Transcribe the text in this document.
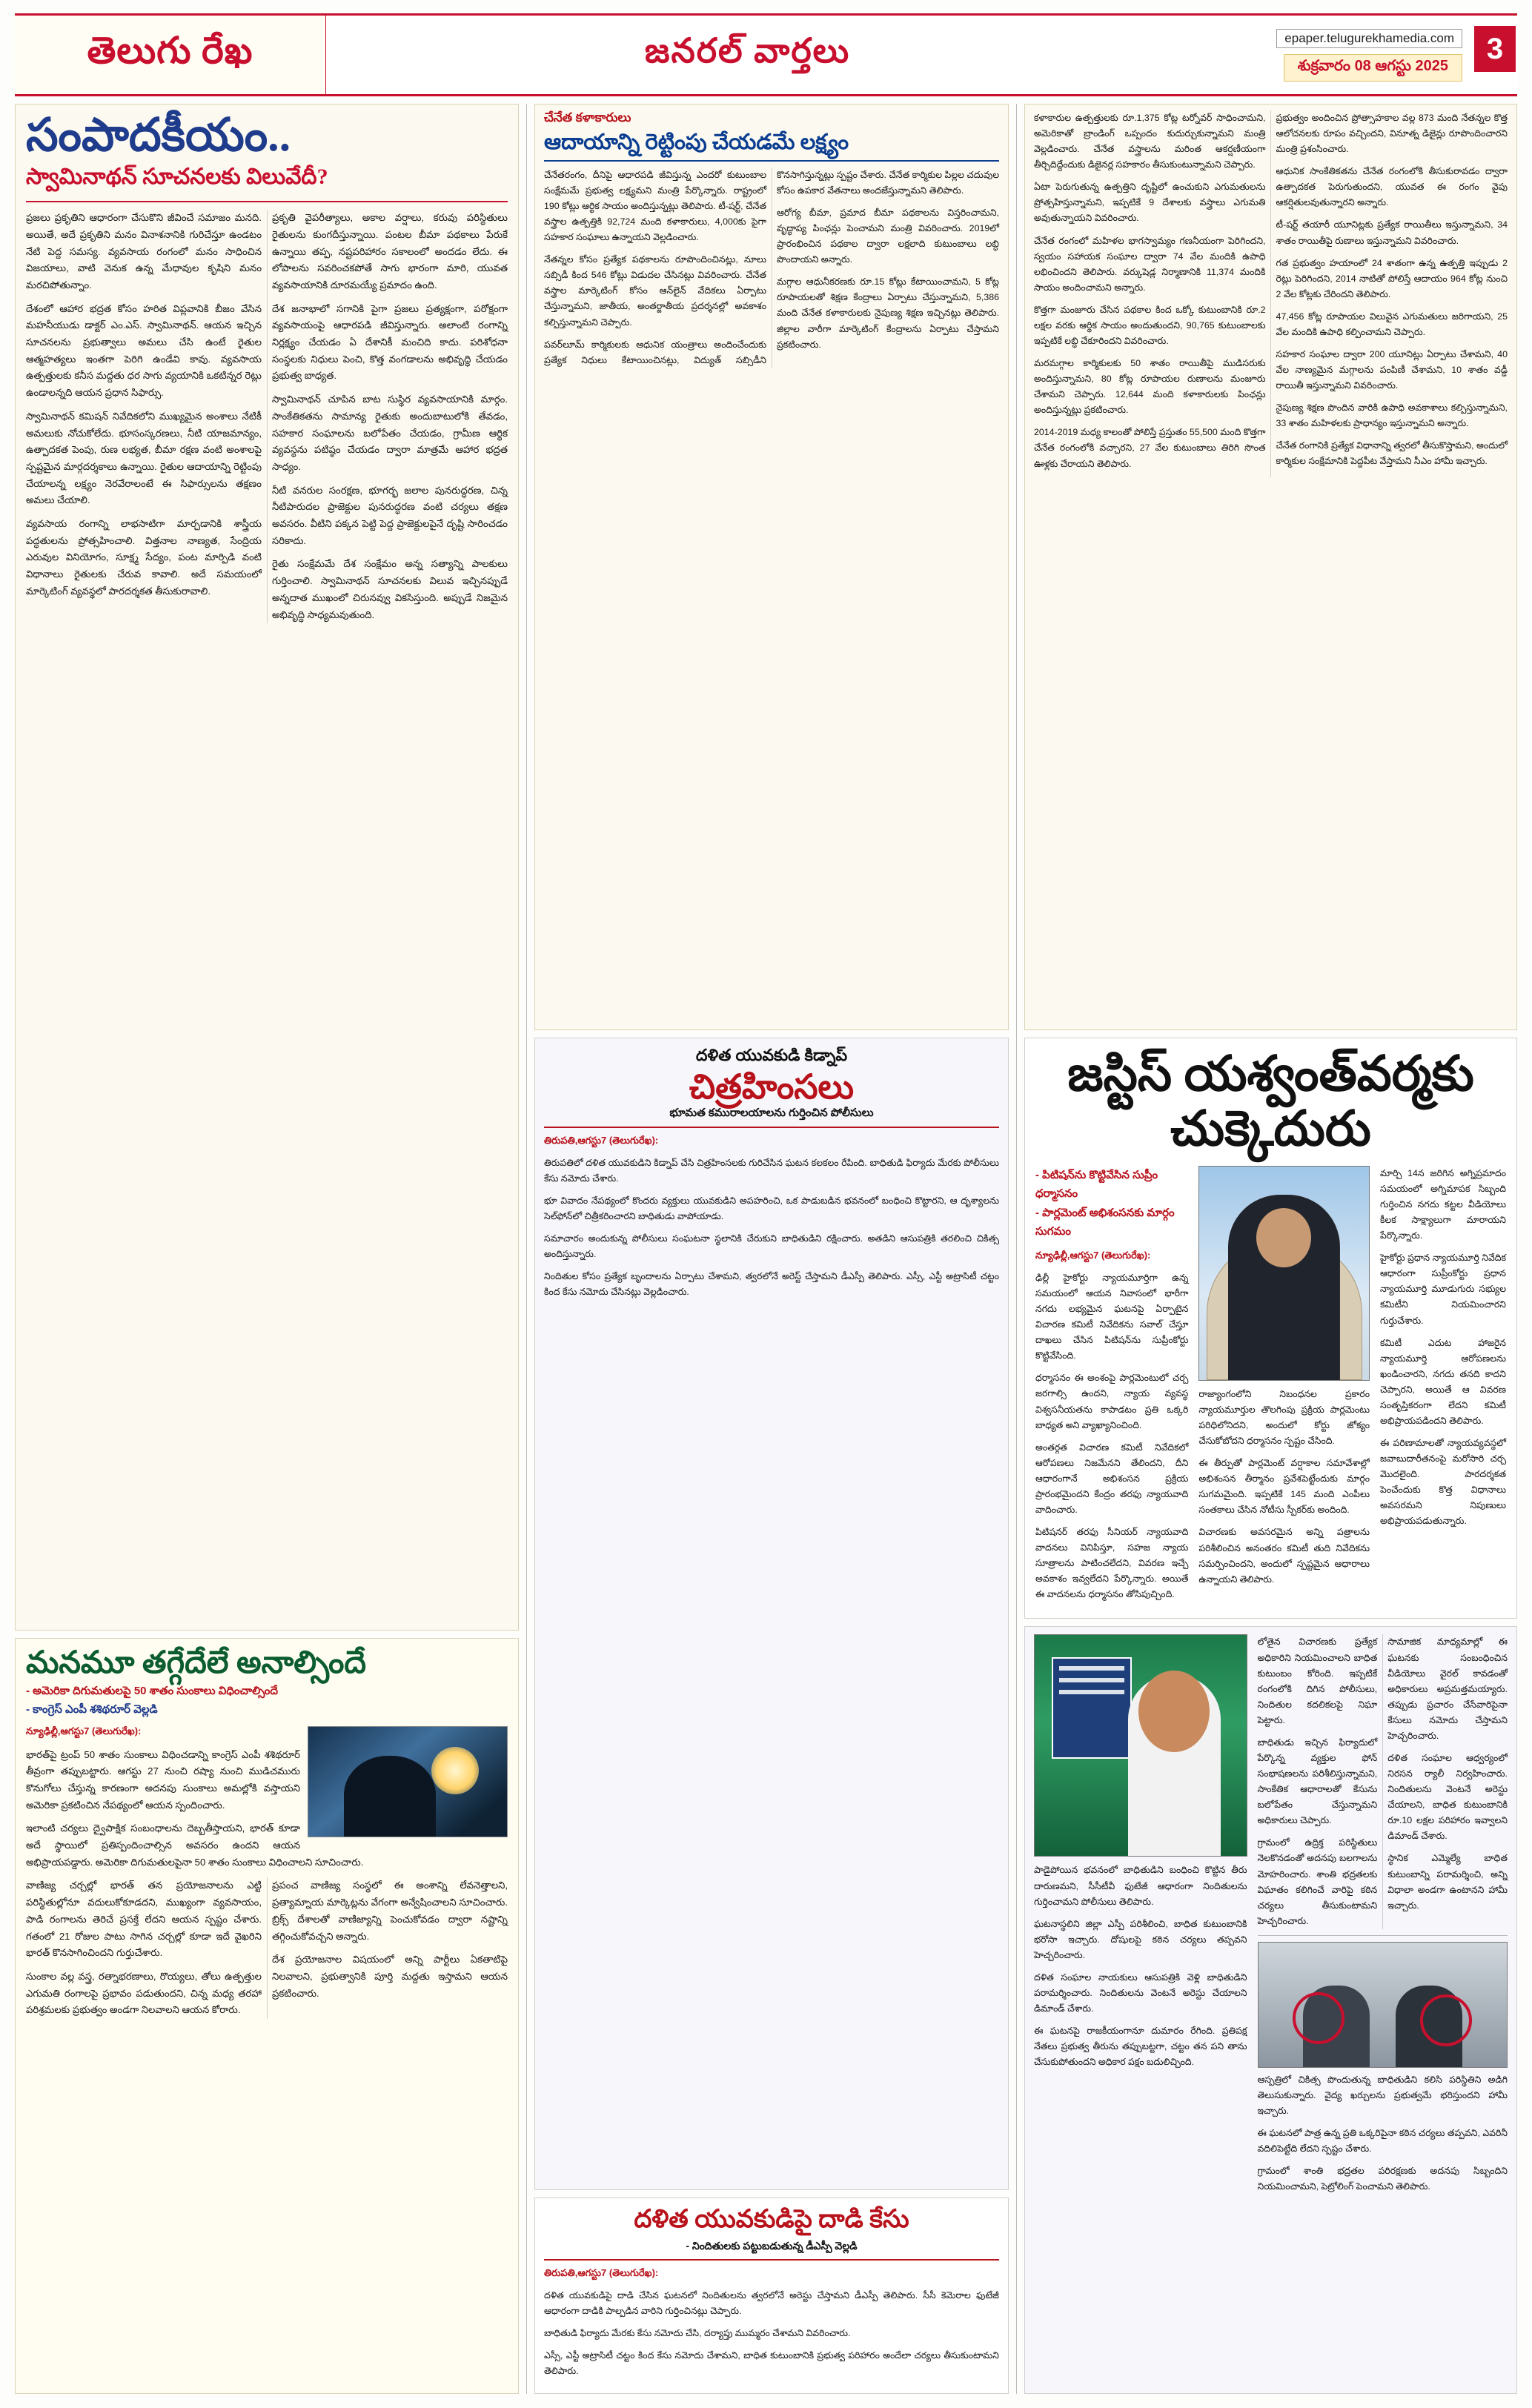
తెలుగు రేఖ	జనరల్ వార్తలు	epaper.telugurekhamedia.com
శుక్రవారం 08 ఆగస్టు 2025
3
సంపాదకీయం..
స్వామినాథన్ సూచనలకు విలువేదీ?

ప్రజలు ప్రకృతిని ఆధారంగా చేసుకొని జీవించే సమాజం మనది. అయితే, అదే ప్రకృతిని మనం వినాశనానికి గురిచేస్తూ ఉండటం నేటి పెద్ద సమస్య. వ్యవసాయ రంగంలో మనం సాధించిన విజయాలు, వాటి వెనుక ఉన్న మేధావుల కృషిని మనం మరచిపోతున్నాం.

దేశంలో ఆహార భద్రత కోసం హరిత విప్లవానికి బీజం వేసిన మహనీయుడు డాక్టర్ ఎం.ఎస్. స్వామినాథన్. ఆయన ఇచ్చిన సూచనలను ప్రభుత్వాలు అమలు చేసి ఉంటే రైతుల ఆత్మహత్యలు ఇంతగా పెరిగి ఉండేవి కావు. వ్యవసాయ ఉత్పత్తులకు కనీస మద్దతు ధర సాగు వ్యయానికి ఒకటిన్నర రెట్లు ఉండాలన్నది ఆయన ప్రధాన సిఫార్సు.

స్వామినాథన్ కమిషన్ నివేదికలోని ముఖ్యమైన అంశాలు నేటికీ అమలుకు నోచుకోలేదు. భూసంస్కరణలు, నీటి యాజమాన్యం, ఉత్పాదకత పెంపు, రుణ లభ్యత, బీమా రక్షణ వంటి అంశాలపై స్పష్టమైన మార్గదర్శకాలు ఉన్నాయి. రైతుల ఆదాయాన్ని రెట్టింపు చేయాలన్న లక్ష్యం నెరవేరాలంటే ఈ సిఫార్సులను తక్షణం అమలు చేయాలి.

వ్యవసాయ రంగాన్ని లాభసాటిగా మార్చడానికి శాస్త్రీయ పద్ధతులను ప్రోత్సహించాలి. విత్తనాల నాణ్యత, సేంద్రియ ఎరువుల వినియోగం, సూక్ష్మ సేద్యం, పంట మార్పిడి వంటి విధానాలు రైతులకు చేరువ కావాలి. అదే సమయంలో మార్కెటింగ్ వ్యవస్థలో పారదర్శకత తీసుకురావాలి.

ప్రకృతి వైపరీత్యాలు, అకాల వర్షాలు, కరువు పరిస్థితులు రైతులను కుంగదీస్తున్నాయి. పంటల బీమా పథకాలు పేరుకే ఉన్నాయి తప్ప, నష్టపరిహారం సకాలంలో అందడం లేదు. ఈ లోపాలను సవరించకపోతే సాగు భారంగా మారి, యువత వ్యవసాయానికి దూరమయ్యే ప్రమాదం ఉంది.

దేశ జనాభాలో సగానికి పైగా ప్రజలు ప్రత్యక్షంగా, పరోక్షంగా వ్యవసాయంపై ఆధారపడి జీవిస్తున్నారు. అలాంటి రంగాన్ని నిర్లక్ష్యం చేయడం ఏ దేశానికీ మంచిది కాదు. పరిశోధనా సంస్థలకు నిధులు పెంచి, కొత్త వంగడాలను అభివృద్ధి చేయడం ప్రభుత్వ బాధ్యత.

స్వామినాథన్ చూపిన బాట సుస్థిర వ్యవసాయానికి మార్గం. సాంకేతికతను సామాన్య రైతుకు అందుబాటులోకి తేవడం, సహకార సంఘాలను బలోపేతం చేయడం, గ్రామీణ ఆర్థిక వ్యవస్థను పటిష్ఠం చేయడం ద్వారా మాత్రమే ఆహార భద్రత సాధ్యం.

నీటి వనరుల సంరక్షణ, భూగర్భ జలాల పునరుద్ధరణ, చిన్న నీటిపారుదల ప్రాజెక్టుల పునరుద్ధరణ వంటి చర్యలు తక్షణ అవసరం. వీటిని పక్కన పెట్టి పెద్ద ప్రాజెక్టులపైనే దృష్టి సారించడం సరికాదు.

రైతు సంక్షేమమే దేశ సంక్షేమం అన్న సత్యాన్ని పాలకులు గుర్తించాలి. స్వామినాథన్ సూచనలకు విలువ ఇచ్చినప్పుడే అన్నదాత ముఖంలో చిరునవ్వు వికసిస్తుంది. అప్పుడే నిజమైన అభివృద్ధి సాధ్యమవుతుంది.

మనమూ తగ్గేదేలే అనాల్సిందే
- అమెరికా దిగుమతులపై 50 శాతం సుంకాలు విధించాల్సిందే
- కాంగ్రెస్ ఎంపీ శశిథరూర్ వెల్లడి

న్యూఢిల్లీ,ఆగస్టు7 (తెలుగురేఖ):

భారత్‌పై ట్రంప్ 50 శాతం సుంకాలు విధించడాన్ని కాంగ్రెస్ ఎంపీ శశిథరూర్ తీవ్రంగా తప్పుబట్టారు. ఆగస్టు 27 నుంచి రష్యా నుంచి ముడిచమురు కొనుగోలు చేస్తున్న కారణంగా అదనపు సుంకాలు అమల్లోకి వస్తాయని అమెరికా ప్రకటించిన నేపథ్యంలో ఆయన స్పందించారు.

ఇలాంటి చర్యలు ద్వైపాక్షిక సంబంధాలను దెబ్బతీస్తాయని, భారత్ కూడా అదే స్థాయిలో ప్రతిస్పందించాల్సిన అవసరం ఉందని ఆయన అభిప్రాయపడ్డారు. అమెరికా దిగుమతులపైనా 50 శాతం సుంకాలు విధించాలని సూచించారు.

వాణిజ్య చర్చల్లో భారత్ తన ప్రయోజనాలను ఎట్టి పరిస్థితుల్లోనూ వదులుకోకూడదని, ముఖ్యంగా వ్యవసాయం, పాడి రంగాలను తెరిచే ప్రసక్తే లేదని ఆయన స్పష్టం చేశారు. గతంలో 21 రోజుల పాటు సాగిన చర్చల్లో కూడా ఇదే వైఖరిని భారత్ కొనసాగించిందని గుర్తుచేశారు.

సుంకాల వల్ల వస్త్ర, రత్నాభరణాలు, రొయ్యలు, తోలు ఉత్పత్తుల ఎగుమతి రంగాలపై ప్రభావం పడుతుందని, చిన్న మధ్య తరహా పరిశ్రమలకు ప్రభుత్వం అండగా నిలవాలని ఆయన కోరారు.

ప్రపంచ వాణిజ్య సంస్థలో ఈ అంశాన్ని లేవనెత్తాలని, ప్రత్యామ్నాయ మార్కెట్లను వేగంగా అన్వేషించాలని సూచించారు. బ్రిక్స్ దేశాలతో వాణిజ్యాన్ని పెంచుకోవడం ద్వారా నష్టాన్ని తగ్గించుకోవచ్చని అన్నారు.

దేశ ప్రయోజనాల విషయంలో అన్ని పార్టీలు ఏకతాటిపై నిలవాలని, ప్రభుత్వానికి పూర్తి మద్దతు ఇస్తామని ఆయన ప్రకటించారు.

చేనేత కళాకారులు
ఆదాయాన్ని రెట్టింపు చేయడమే లక్ష్యం

చేనేతరంగం, దీనిపై ఆధారపడి జీవిస్తున్న ఎందరో కుటుంబాల సంక్షేమమే ప్రభుత్వ లక్ష్యమని మంత్రి పేర్కొన్నారు. రాష్ట్రంలో 190 కోట్లు ఆర్థిక సాయం అందిస్తున్నట్లు తెలిపారు. టీ-షర్ట్, చేనేత వస్త్రాల ఉత్పత్తికి 92,724 మంది కళాకారులు, 4,000కు పైగా సహకార సంఘాలు ఉన్నాయని వెల్లడించారు.

నేతన్నల కోసం ప్రత్యేక పథకాలను రూపొందించినట్లు, నూలు సబ్సిడీ కింద 546 కోట్లు విడుదల చేసినట్లు వివరించారు. చేనేత వస్త్రాల మార్కెటింగ్ కోసం ఆన్‌లైన్ వేదికలు ఏర్పాటు చేస్తున్నామని, జాతీయ, అంతర్జాతీయ ప్రదర్శనల్లో అవకాశం కల్పిస్తున్నామని చెప్పారు.

పవర్‌లూమ్ కార్మికులకు ఆధునిక యంత్రాలు అందించేందుకు ప్రత్యేక నిధులు కేటాయించినట్లు, విద్యుత్ సబ్సిడీని కొనసాగిస్తున్నట్లు స్పష్టం చేశారు. చేనేత కార్మికుల పిల్లల చదువుల కోసం ఉపకార వేతనాలు అందజేస్తున్నామని తెలిపారు.

ఆరోగ్య బీమా, ప్రమాద బీమా పథకాలను విస్తరించామని, వృద్ధాప్య పింఛన్లు పెంచామని మంత్రి వివరించారు. 2019లో ప్రారంభించిన పథకాల ద్వారా లక్షలాది కుటుంబాలు లబ్ధి పొందాయని అన్నారు.

మగ్గాల ఆధునీకరణకు రూ.15 కోట్లు కేటాయించామని, 5 కోట్ల రూపాయలతో శిక్షణ కేంద్రాలు ఏర్పాటు చేస్తున్నామని, 5,386 మంది చేనేత కళాకారులకు నైపుణ్య శిక్షణ ఇచ్చినట్లు తెలిపారు. జిల్లాల వారీగా మార్కెటింగ్ కేంద్రాలను ఏర్పాటు చేస్తామని ప్రకటించారు.

దళిత యువకుడి కిడ్నాప్
చిత్రహింసలు
భూమత కమురాలయాలను గుర్తించిన పోలీసులు

తిరుపతి,ఆగస్టు7 (తెలుగురేఖ):

తిరుపతిలో దళిత యువకుడిని కిడ్నాప్ చేసి చిత్రహింసలకు గురిచేసిన ఘటన కలకలం రేపింది. బాధితుడి ఫిర్యాదు మేరకు పోలీసులు కేసు నమోదు చేశారు.

భూ వివాదం నేపథ్యంలో కొందరు వ్యక్తులు యువకుడిని అపహరించి, ఒక పాడుబడిన భవనంలో బంధించి కొట్టారని, ఆ దృశ్యాలను సెల్‌ఫోన్‌లో చిత్రీకరించారని బాధితుడు వాపోయాడు.

సమాచారం అందుకున్న పోలీసులు సంఘటనా స్థలానికి చేరుకుని బాధితుడిని రక్షించారు. అతడిని ఆసుపత్రికి తరలించి చికిత్స అందిస్తున్నారు.

నిందితుల కోసం ప్రత్యేక బృందాలను ఏర్పాటు చేశామని, త్వరలోనే అరెస్ట్ చేస్తామని డీఎస్పీ తెలిపారు. ఎస్సీ, ఎస్టీ అట్రాసిటీ చట్టం కింద కేసు నమోదు చేసినట్లు వెల్లడించారు.

దళిత యువకుడిపై దాడి కేసు
- నిందితులకు పట్టుబడుతున్న డీఎస్పీ వెల్లడి

తిరుపతి,ఆగస్టు7 (తెలుగురేఖ):

దళిత యువకుడిపై దాడి చేసిన ఘటనలో నిందితులను త్వరలోనే అరెస్టు చేస్తామని డీఎస్పీ తెలిపారు. సీసీ కెమెరాల ఫుటేజీ ఆధారంగా దాడికి పాల్పడిన వారిని గుర్తించినట్లు చెప్పారు.

బాధితుడి ఫిర్యాదు మేరకు కేసు నమోదు చేసి, దర్యాప్తు ముమ్మరం చేశామని వివరించారు.

ఎస్సీ, ఎస్టీ అట్రాసిటీ చట్టం కింద కేసు నమోదు చేశామని, బాధిత కుటుంబానికి ప్రభుత్వ పరిహారం అందేలా చర్యలు తీసుకుంటామని తెలిపారు.

కళాకారుల ఉత్పత్తులకు రూ.1,375 కోట్ల టర్నోవర్ సాధించామని, అమెరికాతో బ్రాండింగ్ ఒప్పందం కుదుర్చుకున్నామని మంత్రి వెల్లడించారు. చేనేత వస్త్రాలను మరింత ఆకర్షణీయంగా తీర్చిదిద్దేందుకు డిజైనర్ల సహకారం తీసుకుంటున్నామని చెప్పారు.

ఏటా పెరుగుతున్న ఉత్పత్తిని దృష్టిలో ఉంచుకుని ఎగుమతులను ప్రోత్సహిస్తున్నామని, ఇప్పటికే 9 దేశాలకు వస్త్రాలు ఎగుమతి అవుతున్నాయని వివరించారు.

చేనేత రంగంలో మహిళల భాగస్వామ్యం గణనీయంగా పెరిగిందని, స్వయం సహాయక సంఘాల ద్వారా 74 వేల మందికి ఉపాధి లభించిందని తెలిపారు. వర్కుషెడ్ల నిర్మాణానికి 11,374 మందికి సాయం అందించామని అన్నారు.

కొత్తగా మంజూరు చేసిన పథకాల కింద ఒక్కో కుటుంబానికి రూ.2 లక్షల వరకు ఆర్థిక సాయం అందుతుందని, 90,765 కుటుంబాలకు ఇప్పటికే లబ్ధి చేకూరిందని వివరించారు.

మరమగ్గాల కార్మికులకు 50 శాతం రాయితీపై ముడిసరుకు అందిస్తున్నామని, 80 కోట్ల రూపాయల రుణాలను మంజూరు చేశామని చెప్పారు. 12,644 మంది కళాకారులకు పింఛన్లు అందిస్తున్నట్లు ప్రకటించారు.

2014-2019 మధ్య కాలంతో పోలిస్తే ప్రస్తుతం 55,500 మంది కొత్తగా చేనేత రంగంలోకి వచ్చారని, 27 వేల కుటుంబాలు తిరిగి సొంత ఊళ్లకు చేరాయని తెలిపారు.

ప్రభుత్వం అందించిన ప్రోత్సాహకాల వల్ల 873 మంది నేతన్నల కొత్త ఆలోచనలకు రూపం వచ్చిందని, వినూత్న డిజైన్లు రూపొందించారని మంత్రి ప్రశంసించారు.

ఆధునిక సాంకేతికతను చేనేత రంగంలోకి తీసుకురావడం ద్వారా ఉత్పాదకత పెరుగుతుందని, యువత ఈ రంగం వైపు ఆకర్షితులవుతున్నారని అన్నారు.

టీ-షర్ట్ తయారీ యూనిట్లకు ప్రత్యేక రాయితీలు ఇస్తున్నామని, 34 శాతం రాయితీపై రుణాలు ఇస్తున్నామని వివరించారు.

గత ప్రభుత్వం హయాంలో 24 శాతంగా ఉన్న ఉత్పత్తి ఇప్పుడు 2 రెట్లు పెరిగిందని, 2014 నాటితో పోలిస్తే ఆదాయం 964 కోట్ల నుంచి 2 వేల కోట్లకు చేరిందని తెలిపారు.

47,456 కోట్ల రూపాయల విలువైన ఎగుమతులు జరిగాయని, 25 వేల మందికి ఉపాధి కల్పించామని చెప్పారు.

సహకార సంఘాల ద్వారా 200 యూనిట్లు ఏర్పాటు చేశామని, 40 వేల నాణ్యమైన మగ్గాలను పంపిణీ చేశామని, 10 శాతం వడ్డీ రాయితీ ఇస్తున్నామని వివరించారు.

నైపుణ్య శిక్షణ పొందిన వారికి ఉపాధి అవకాశాలు కల్పిస్తున్నామని, 33 శాతం మహిళలకు ప్రాధాన్యం ఇస్తున్నామని అన్నారు.

చేనేత రంగానికి ప్రత్యేక విధానాన్ని త్వరలో తీసుకొస్తామని, అందులో కార్మికుల సంక్షేమానికి పెద్దపీట వేస్తామని సీఎం హామీ ఇచ్చారు.

జస్టిస్ యశ్వంత్‌వర్మకు చుక్కెదురు
- పిటిషన్‌ను కొట్టివేసిన సుప్రీం ధర్మాసనం
- పార్లమెంట్ అభిశంసనకు మార్గం సుగమం

న్యూఢిల్లీ,ఆగస్టు7 (తెలుగురేఖ):

ఢిల్లీ హైకోర్టు న్యాయమూర్తిగా ఉన్న సమయంలో ఆయన నివాసంలో భారీగా నగదు లభ్యమైన ఘటనపై ఏర్పాటైన విచారణ కమిటీ నివేదికను సవాల్ చేస్తూ దాఖలు చేసిన పిటిషన్‌ను సుప్రీంకోర్టు కొట్టివేసింది.

ధర్మాసనం ఈ అంశంపై పార్లమెంటులో చర్చ జరగాల్సి ఉందని, న్యాయ వ్యవస్థ విశ్వసనీయతను కాపాడటం ప్రతి ఒక్కరి బాధ్యత అని వ్యాఖ్యానించింది.

అంతర్గత విచారణ కమిటీ నివేదికలో ఆరోపణలు నిజమేనని తేలిందని, దీని ఆధారంగానే అభిశంసన ప్రక్రియ ప్రారంభమైందని కేంద్రం తరఫు న్యాయవాది వాదించారు.

పిటిషనర్ తరఫు సీనియర్ న్యాయవాది వాదనలు వినిపిస్తూ, సహజ న్యాయ సూత్రాలను పాటించలేదని, వివరణ ఇచ్చే అవకాశం ఇవ్వలేదని పేర్కొన్నారు. అయితే ఈ వాదనలను ధర్మాసనం తోసిపుచ్చింది.

రాజ్యాంగంలోని నిబంధనల ప్రకారం న్యాయమూర్తుల తొలగింపు ప్రక్రియ పార్లమెంటు పరిధిలోనిదని, అందులో కోర్టు జోక్యం చేసుకోబోదని ధర్మాసనం స్పష్టం చేసింది.

ఈ తీర్పుతో పార్లమెంట్ వర్షాకాల సమావేశాల్లో అభిశంసన తీర్మానం ప్రవేశపెట్టేందుకు మార్గం సుగమమైంది. ఇప్పటికే 145 మంది ఎంపీలు సంతకాలు చేసిన నోటీసు స్పీకర్‌కు అందింది.

విచారణకు అవసరమైన అన్ని పత్రాలను పరిశీలించిన అనంతరం కమిటీ తుది నివేదికను సమర్పించిందని, అందులో స్పష్టమైన ఆధారాలు ఉన్నాయని తెలిపారు.

మార్చి 14న జరిగిన అగ్నిప్రమాదం సమయంలో అగ్నిమాపక సిబ్బంది గుర్తించిన నగదు కట్టల వీడియోలు కీలక సాక్ష్యాలుగా మారాయని పేర్కొన్నారు.

హైకోర్టు ప్రధాన న్యాయమూర్తి నివేదిక ఆధారంగా సుప్రీంకోర్టు ప్రధాన న్యాయమూర్తి మూడుగురు సభ్యుల కమిటీని నియమించారని గుర్తుచేశారు.

కమిటీ ఎదుట హాజరైన న్యాయమూర్తి ఆరోపణలను ఖండించారని, నగదు తనది కాదని చెప్పారని, అయితే ఆ వివరణ సంతృప్తికరంగా లేదని కమిటీ అభిప్రాయపడిందని తెలిపారు.

ఈ పరిణామాలతో న్యాయవ్యవస్థలో జవాబుదారీతనంపై మరోసారి చర్చ మొదలైంది. పారదర్శకత పెంచేందుకు కొత్త విధానాలు అవసరమని నిపుణులు అభిప్రాయపడుతున్నారు.

పాడైపోయిన భవనంలో బాధితుడిని బంధించి కొట్టిన తీరు దారుణమని, సీసీటీవీ ఫుటేజీ ఆధారంగా నిందితులను గుర్తించామని పోలీసులు తెలిపారు.

ఘటనాస్థలిని జిల్లా ఎస్పీ పరిశీలించి, బాధిత కుటుంబానికి భరోసా ఇచ్చారు. దోషులపై కఠిన చర్యలు తప్పవని హెచ్చరించారు.

దళిత సంఘాల నాయకులు ఆసుపత్రికి వెళ్లి బాధితుడిని పరామర్శించారు. నిందితులను వెంటనే అరెస్టు చేయాలని డిమాండ్ చేశారు.

ఈ ఘటనపై రాజకీయంగానూ దుమారం రేగింది. ప్రతిపక్ష నేతలు ప్రభుత్వ తీరును తప్పుబట్టగా, చట్టం తన పని తాను చేసుకుపోతుందని అధికార పక్షం బదులిచ్చింది.

లోతైన విచారణకు ప్రత్యేక అధికారిని నియమించాలని బాధిత కుటుంబం కోరింది. ఇప్పటికే రంగంలోకి దిగిన పోలీసులు, నిందితుల కదలికలపై నిఘా పెట్టారు.

బాధితుడు ఇచ్చిన ఫిర్యాదులో పేర్కొన్న వ్యక్తుల ఫోన్ సంభాషణలను పరిశీలిస్తున్నామని, సాంకేతిక ఆధారాలతో కేసును బలోపేతం చేస్తున్నామని అధికారులు చెప్పారు.

గ్రామంలో ఉద్రిక్త పరిస్థితులు నెలకొనడంతో అదనపు బలగాలను మోహరించారు. శాంతి భద్రతలకు విఘాతం కలిగించే వారిపై కఠిన చర్యలు తీసుకుంటామని హెచ్చరించారు.

సామాజిక మాధ్యమాల్లో ఈ ఘటనకు సంబంధించిన వీడియోలు వైరల్ కావడంతో అధికారులు అప్రమత్తమయ్యారు. తప్పుడు ప్రచారం చేసేవారిపైనా కేసులు నమోదు చేస్తామని హెచ్చరించారు.

దళిత సంఘాల ఆధ్వర్యంలో నిరసన ర్యాలీ నిర్వహించారు. నిందితులను వెంటనే అరెస్టు చేయాలని, బాధిత కుటుంబానికి రూ.10 లక్షల పరిహారం ఇవ్వాలని డిమాండ్ చేశారు.

స్థానిక ఎమ్మెల్యే బాధిత కుటుంబాన్ని పరామర్శించి, అన్ని విధాలా అండగా ఉంటానని హామీ ఇచ్చారు.

ఆస్పత్రిలో చికిత్స పొందుతున్న బాధితుడిని కలిసి పరిస్థితిని అడిగి తెలుసుకున్నారు. వైద్య ఖర్చులను ప్రభుత్వమే భరిస్తుందని హామీ ఇచ్చారు.

ఈ ఘటనలో పాత్ర ఉన్న ప్రతి ఒక్కరిపైనా కఠిన చర్యలు తప్పవని, ఎవరినీ వదిలిపెట్టేది లేదని స్పష్టం చేశారు.

గ్రామంలో శాంతి భద్రతల పరిరక్షణకు అదనపు సిబ్బందిని నియమించామని, పెట్రోలింగ్ పెంచామని తెలిపారు.
